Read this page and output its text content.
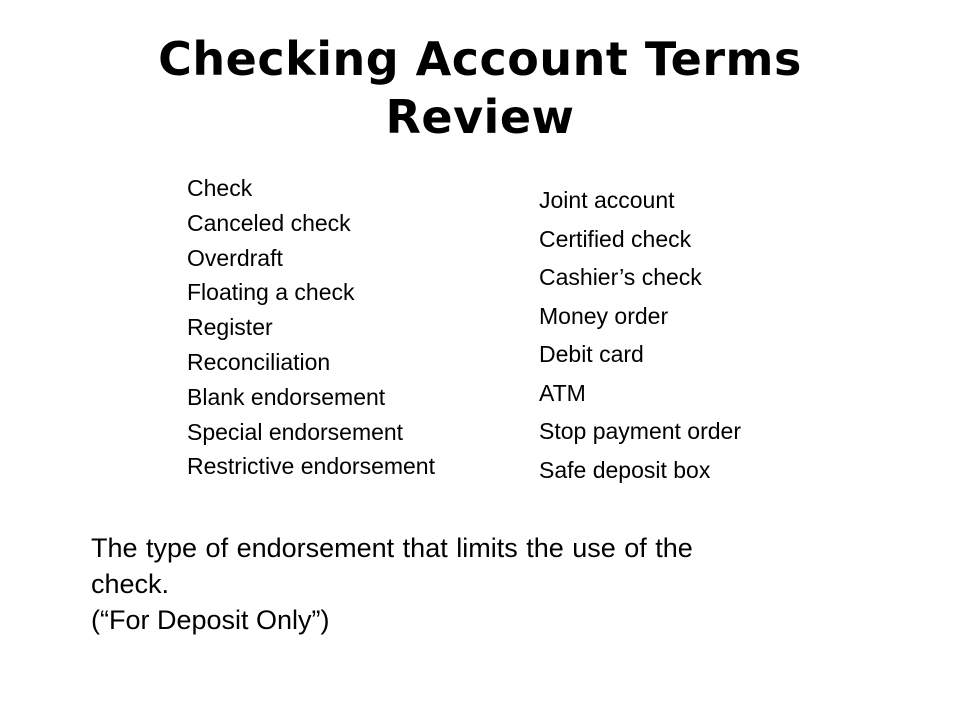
Checking Account Terms
Review
Check
Canceled check
Overdraft
Floating a check
Register
Reconciliation
Blank endorsement
Special endorsement
Restrictive endorsement
Joint account
Certified check
Cashier’s check
Money order
Debit card
ATM
Stop payment order
Safe deposit box

The type of endorsement that limits the use of the
check.
(“For Deposit Only”)
